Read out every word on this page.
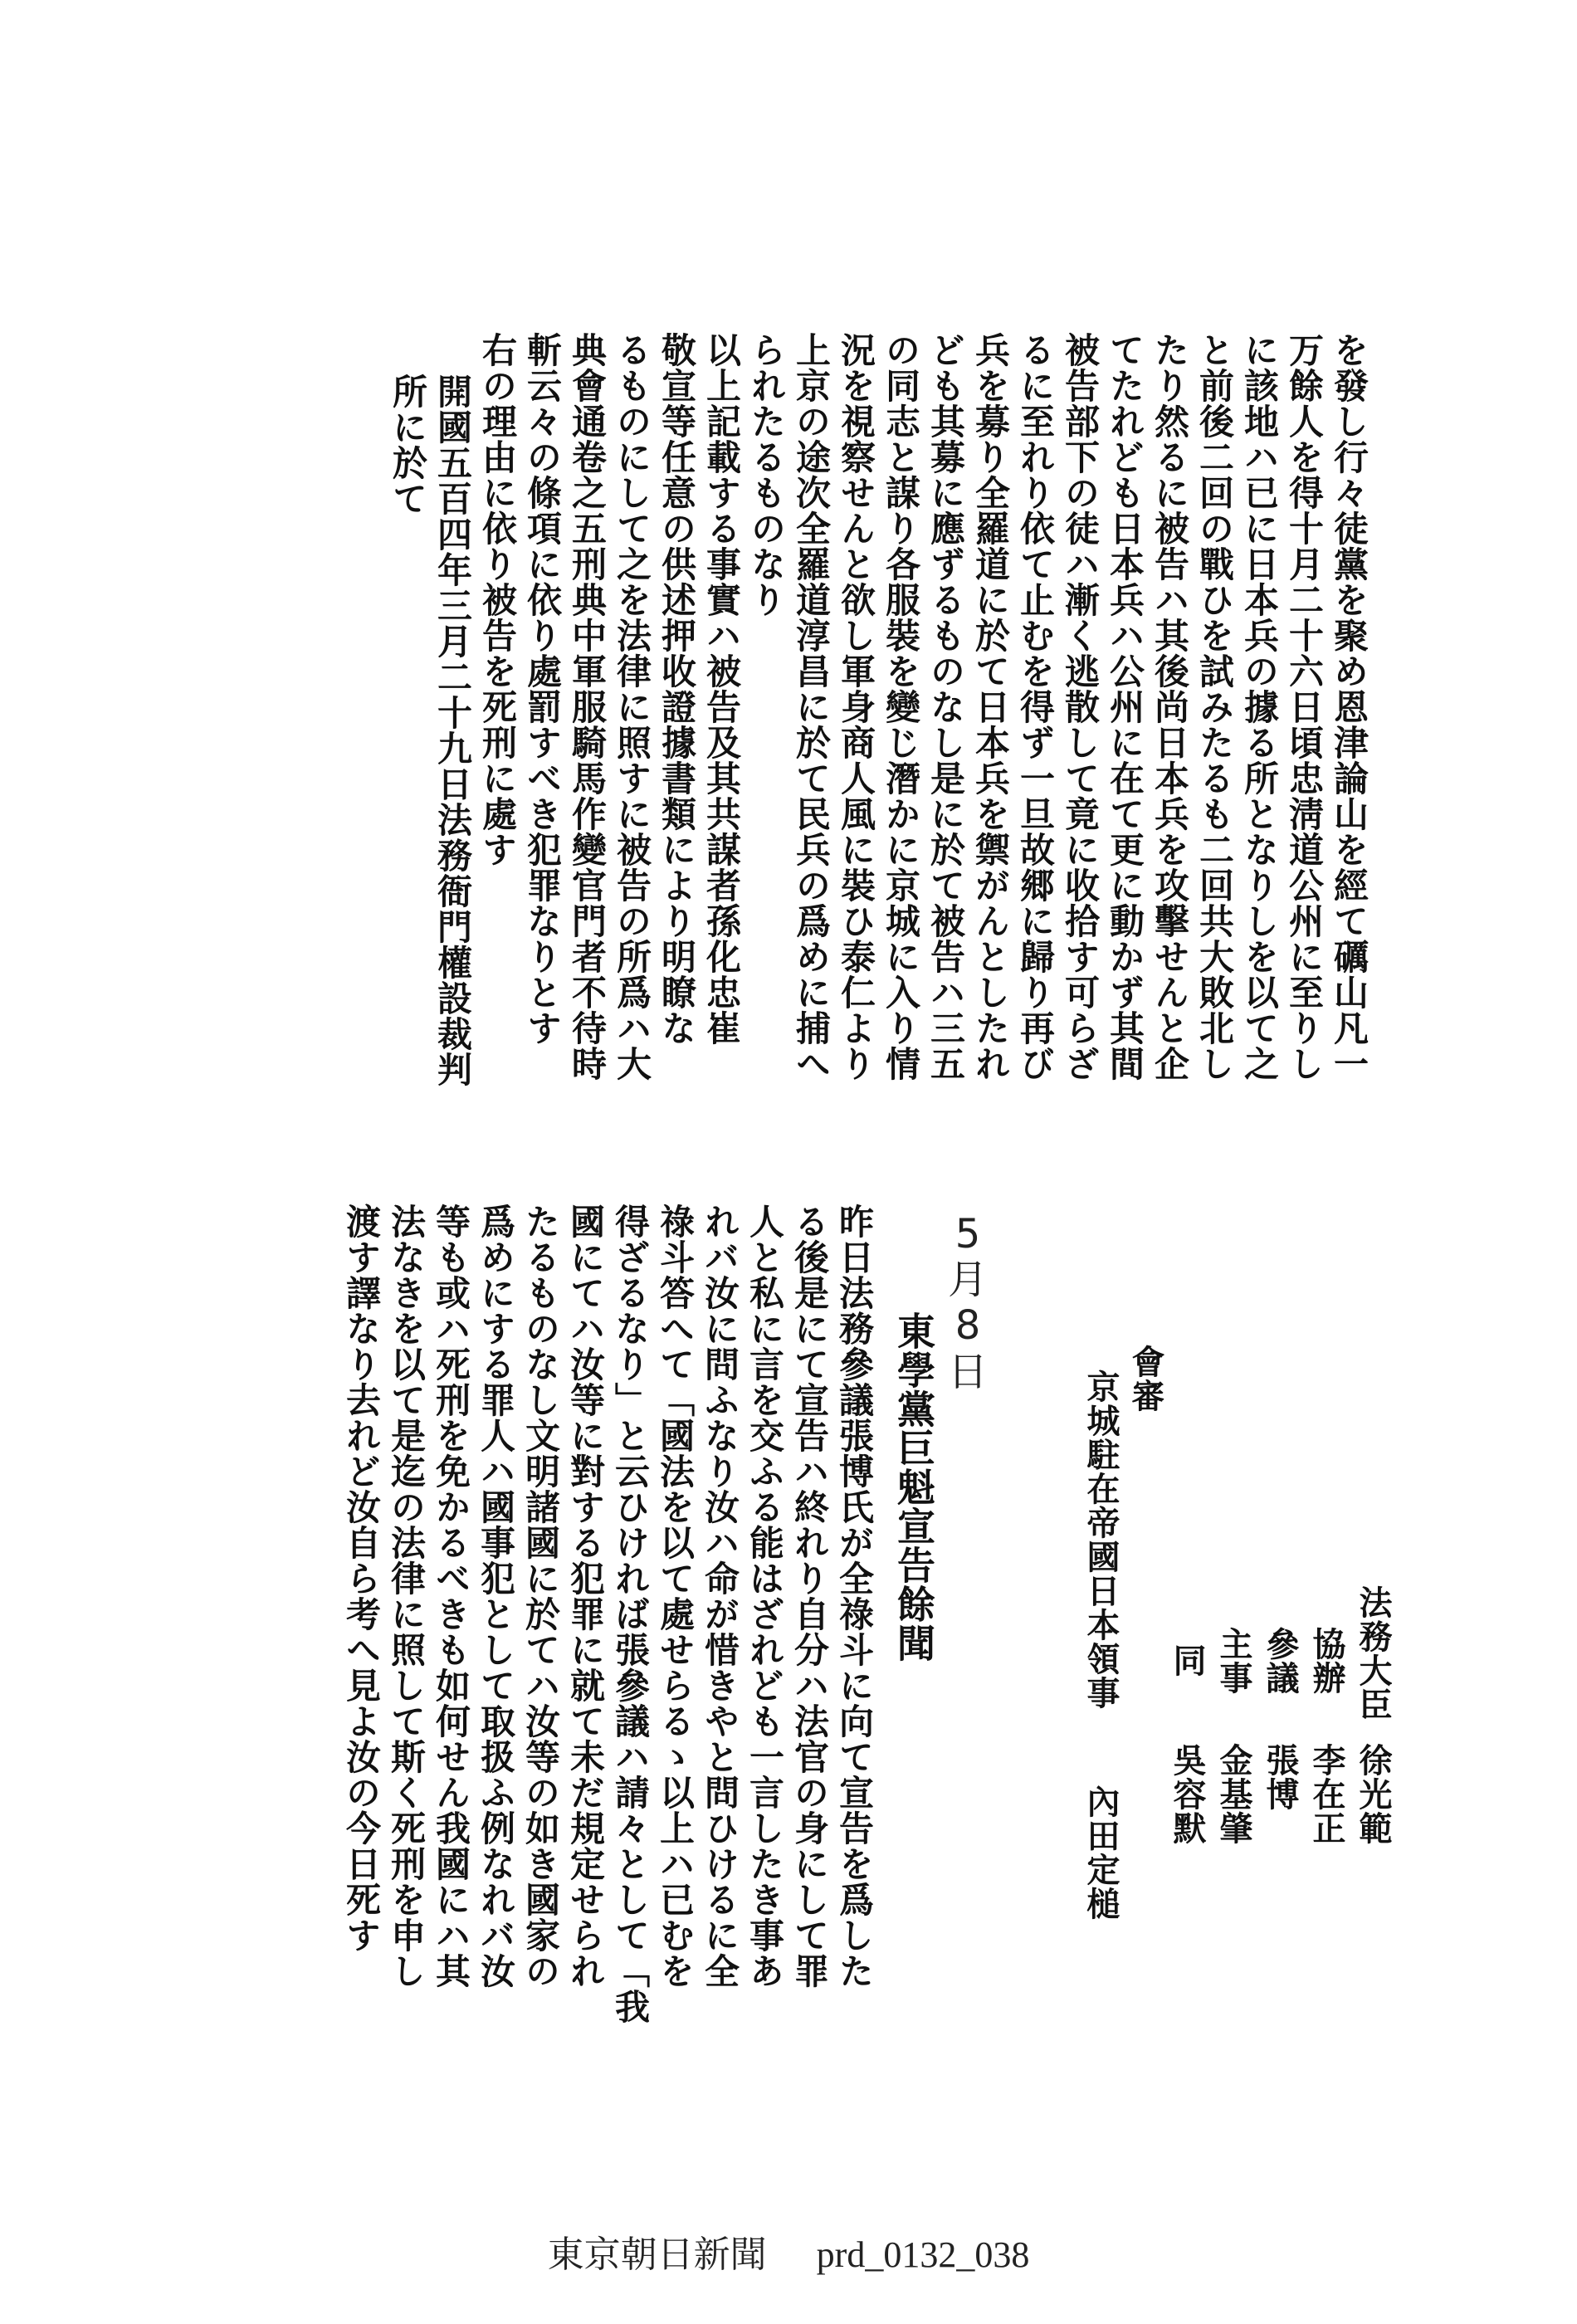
を發し行々徒黨を聚め恩津論山を經て礪山凡一
万餘人を得十月二十六日頃忠淸道公州に至りし
に該地ハ已に日本兵の據る所となりしを以て之
と前後二回の戰ひを試みたるも二回共大敗北し
たり然るに被告ハ其後尚日本兵を攻擊せんと企
てたれども日本兵ハ公州に在て更に動かず其間
被告部下の徒ハ漸く逃散して竟に收拾す可らざ
るに至れり依て止むを得ず一旦故郷に歸り再び
兵を募り全羅道に於て日本兵を禦がんとしたれ
ども其募に應ずるものなし是に於て被告ハ三五
の同志と謀り各服裝を變じ潛かに京城に入り情
況を視察せんと欲し軍身商人風に裝ひ泰仁より
上京の途次全羅道淳昌に於て民兵の爲めに捕へ
られたるものなり
以上記載する事實ハ被告及其共謀者孫化忠崔
敬宣等任意の供述押收證據書類により明瞭な
るものにして之を法律に照すに被告の所爲ハ大
典會通卷之五刑典中軍服騎馬作變官門者不待時
斬云々の條項に依り處罰すべき犯罪なりとす
右の理由に依り被告を死刑に處す
開國五百四年三月二十九日法務衙門權設裁判
所に於て
法務大臣
徐光範
協辦
李在正
參議
張博
主事
金基肇
同
吳容默
會審
京城駐在帝國日本領事
內田定槌
5
月
8
日
東學黨巨魁宣告餘聞
昨日法務參議張博氏が全祿斗に向て宣告を爲した
る後是にて宣告ハ終れり自分ハ法官の身にして罪
人と私に言を交ふる能はざれども一言したき事あ
れバ汝に問ふなり汝ハ命が惜きやと問ひけるに全
祿斗答へて「國法を以て處せらるゝ以上ハ已むを
得ざるなり」と云ひければ張參議ハ請々として「我
國にてハ汝等に對する犯罪に就て未だ規定せられ
たるものなし文明諸國に於てハ汝等の如き國家の
爲めにする罪人ハ國事犯として取扱ふ例なれバ汝
等も或ハ死刑を免かるべきも如何せん我國にハ其
法なきを以て是迄の法律に照して斯く死刑を申し
渡す譯なり去れど汝自ら考へ見よ汝の今日死す
東京朝日新聞 prd_0132_038
